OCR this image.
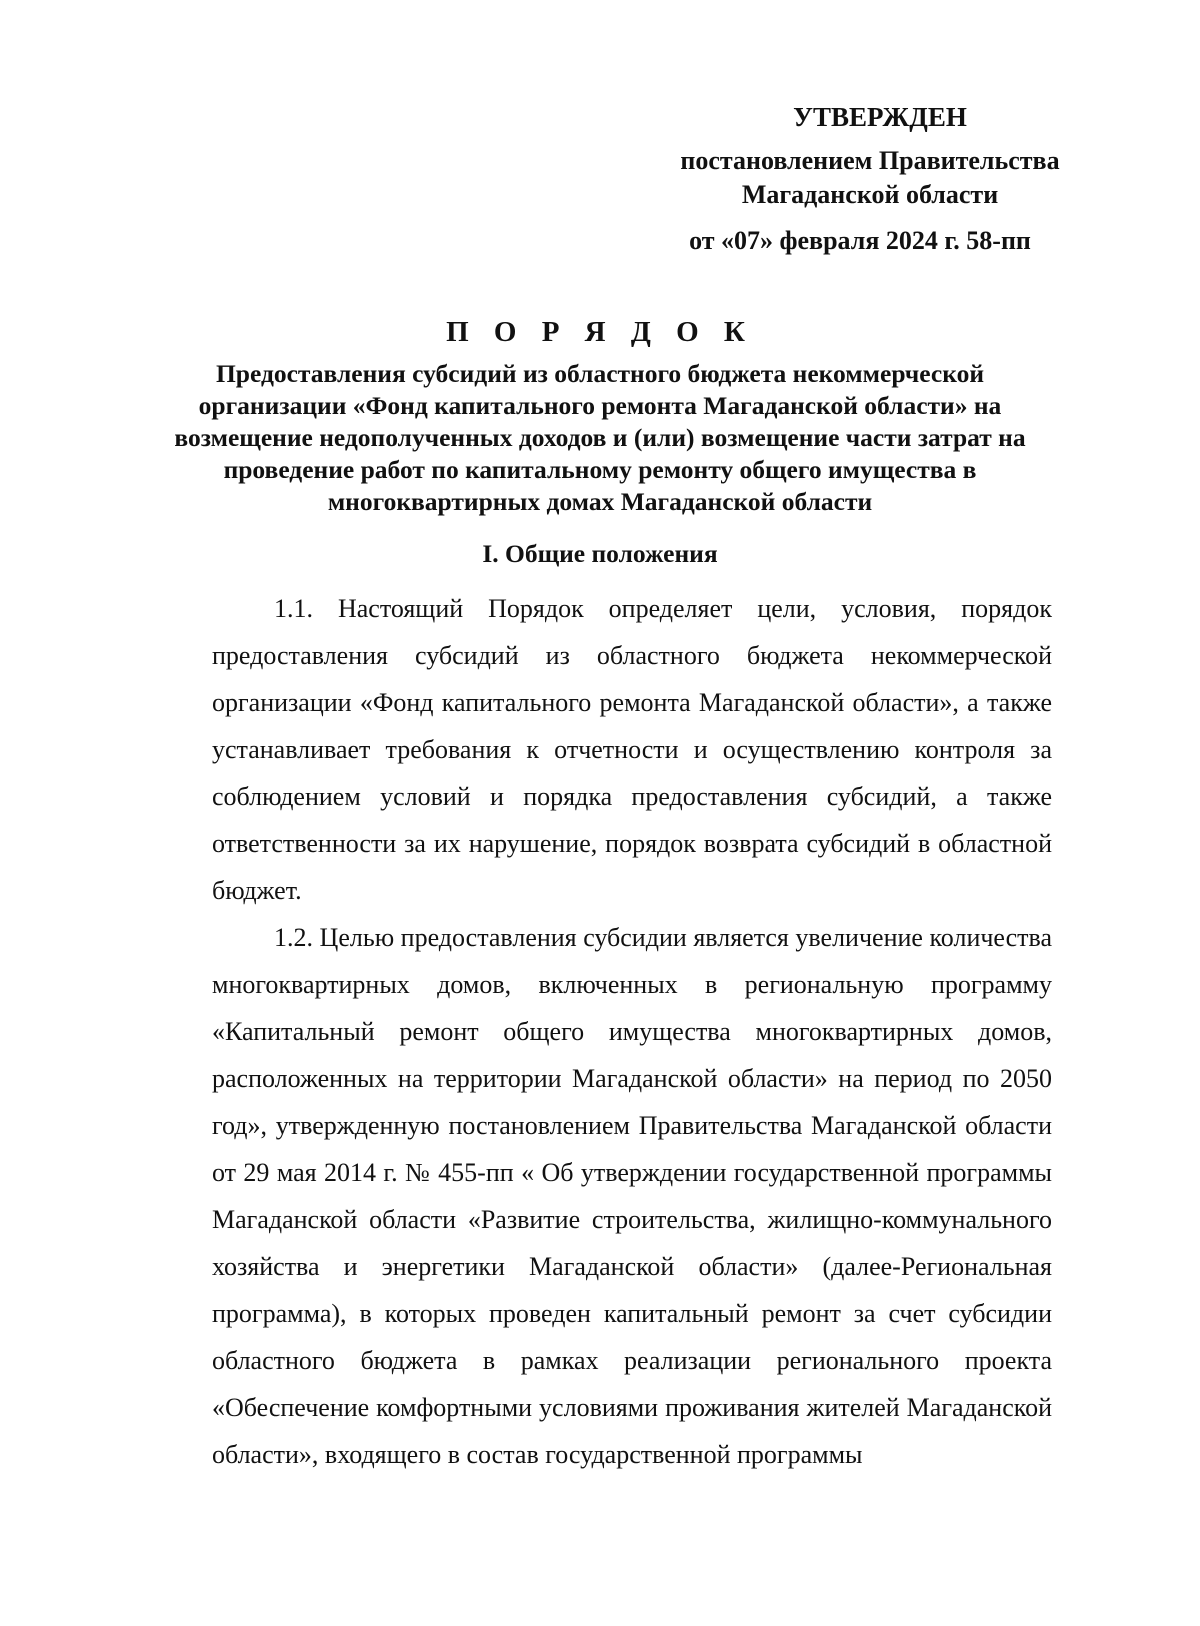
УТВЕРЖДЕН
постановлением Правительства Магаданской области
от «07» февраля 2024 г. 58-пп
П О Р Я Д О К
Предоставления субсидий из областного бюджета некоммерческой организации «Фонд капитального ремонта Магаданской области» на возмещение недополученных доходов и (или) возмещение части затрат на проведение работ по капитальному ремонту общего имущества в многоквартирных домах Магаданской области
I. Общие положения

1.1. Настоящий Порядок определяет цели, условия, порядок предоставления субсидий из областного бюджета некоммерческой организации «Фонд капитального ремонта Магаданской области», а также устанавливает требования к отчетности и осуществлению контроля за соблюдением условий и порядка предоставления субсидий, а также ответственности за их нарушение, порядок возврата субсидий в областной бюджет.

1.2. Целью предоставления субсидии является увеличение количества многоквартирных домов, включенных в региональную программу «Капитальный ремонт общего имущества многоквартирных домов, расположенных на территории Магаданской области» на период по 2050 год», утвержденную постановлением Правительства Магаданской области от 29 мая 2014 г. № 455-пп « Об утверждении государственной программы Магаданской области «Развитие строительства, жилищно-коммунального хозяйства и энергетики Магаданской области» (далее-Региональная программа), в которых проведен капитальный ремонт за счет субсидии областного бюджета в рамках реализации регионального проекта «Обеспечение комфортными условиями проживания жителей Магаданской области», входящего в состав государственной программы
